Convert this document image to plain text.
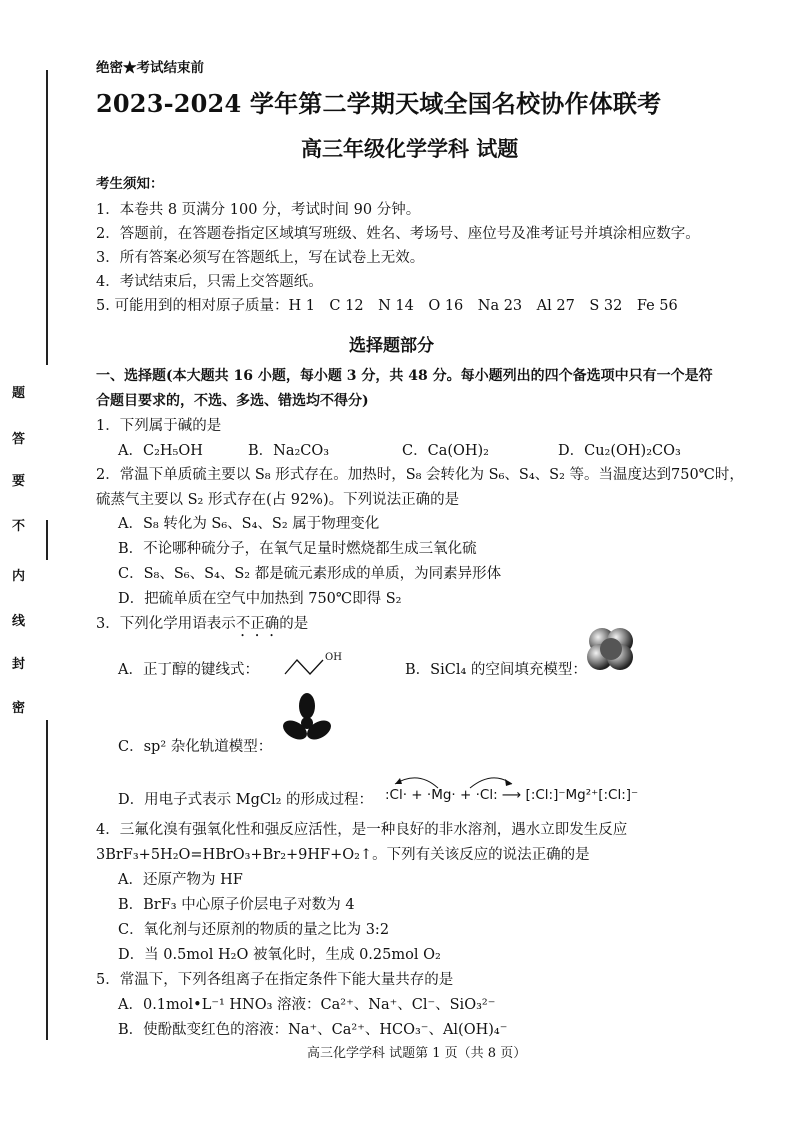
题
答
要
不
内
线
封
密
绝密★考试结束前
2023-2024 学年第二学期天域全国名校协作体联考
高三年级化学学科 试题
考生须知：
1．本卷共 8 页满分 100 分，考试时间 90 分钟。
2．答题前，在答题卷指定区域填写班级、姓名、考场号、座位号及准考证号并填涂相应数字。
3．所有答案必须写在答题纸上，写在试卷上无效。
4．考试结束后，只需上交答题纸。
5. 可能用到的相对原子质量：H 1　C 12　N 14　O 16　Na 23　Al 27　S 32　Fe 56
选择题部分
一、选择题(本大题共 16 小题，每小题 3 分，共 48 分。每小题列出的四个备选项中只有一个是符
合题目要求的，不选、多选、错选均不得分)
1．下列属于碱的是
A．C₂H₅OH	B．Na₂CO₃	C．Ca(OH)₂	D．Cu₂(OH)₂CO₃
2．常温下单质硫主要以 S₈ 形式存在。加热时，S₈ 会转化为 S₆、S₄、S₂ 等。当温度达到750℃时，
硫蒸气主要以 S₂ 形式存在(占 92%)。下列说法正确的是
A．S₈ 转化为 S₆、S₄、S₂ 属于物理变化
B．不论哪种硫分子，在氧气足量时燃烧都生成三氧化硫
C．S₈、S₆、S₄、S₂ 都是硫元素形成的单质，为同素异形体
D．把硫单质在空气中加热到 750℃即得 S₂
3．下列化学用语表示不正确的是
A．正丁醇的键线式：
OH
B．SiCl₄ 的空间填充模型：
C．sp² 杂化轨道模型：
D．用电子式表示 MgCl₂ 的形成过程： :Cl· + ·Mg· + ·Cl: ⟶ [:Cl:]⁻Mg²⁺[:Cl:]⁻
4．三氟化溴有强氧化性和强反应活性，是一种良好的非水溶剂，遇水立即发生反应
3BrF₃+5H₂O=HBrO₃+Br₂+9HF+O₂↑。下列有关该反应的说法正确的是
A．还原产物为 HF
B．BrF₃ 中心原子价层电子对数为 4
C．氧化剂与还原剂的物质的量之比为 3:2
D．当 0.5mol H₂O 被氧化时，生成 0.25mol O₂
5．常温下，下列各组离子在指定条件下能大量共存的是
A．0.1mol•L⁻¹ HNO₃ 溶液：Ca²⁺、Na⁺、Cl⁻、SiO₃²⁻
B．使酚酞变红色的溶液：Na⁺、Ca²⁺、HCO₃⁻、Al(OH)₄⁻
高三化学学科 试题第 1 页（共 8 页）
